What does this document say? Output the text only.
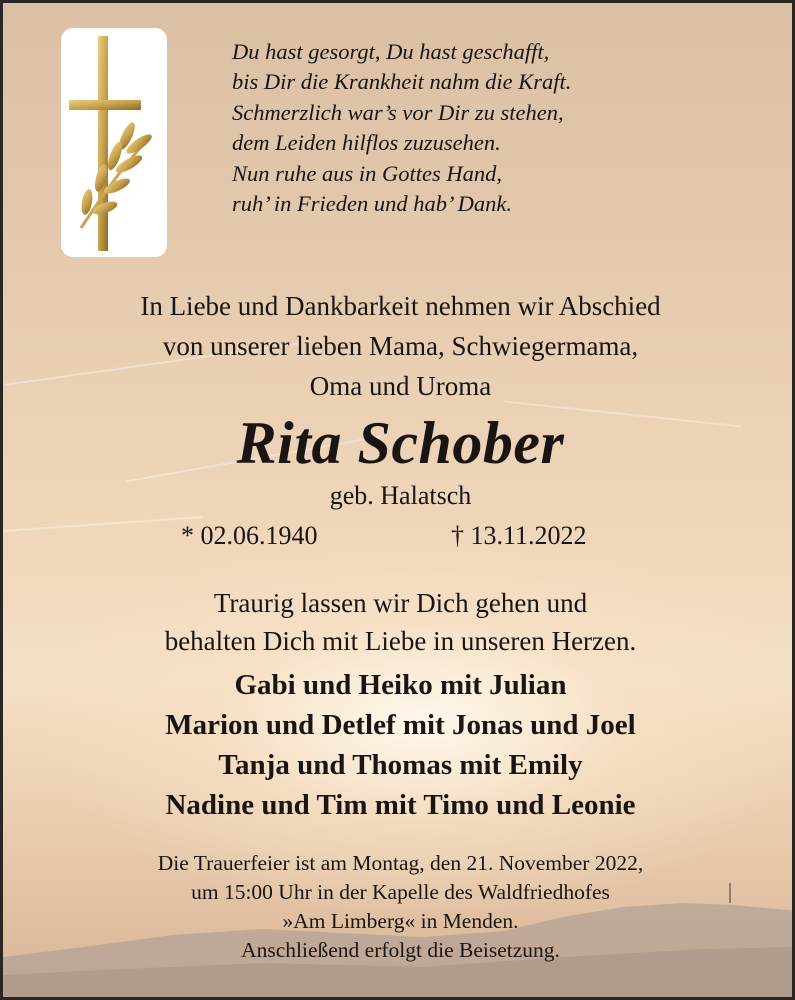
Du hast gesorgt, Du hast geschafft,
bis Dir die Krankheit nahm die Kraft.
Schmerzlich war’s vor Dir zu stehen,
dem Leiden hilflos zuzusehen.
Nun ruhe aus in Gottes Hand,
ruh’ in Frieden und hab’ Dank.
In Liebe und Dankbarkeit nehmen wir Abschied
von unserer lieben Mama, Schwiegermama,
Oma und Uroma
Rita Schober
geb. Halatsch
* 02.06.1940	† 13.11.2022
Traurig lassen wir Dich gehen und
behalten Dich mit Liebe in unseren Herzen.
Gabi und Heiko mit Julian
Marion und Detlef mit Jonas und Joel
Tanja und Thomas mit Emily
Nadine und Tim mit Timo und Leonie
Die Trauerfeier ist am Montag, den 21. November 2022,
um 15:00 Uhr in der Kapelle des Waldfriedhofes
»Am Limberg« in Menden.
Anschließend erfolgt die Beisetzung.
